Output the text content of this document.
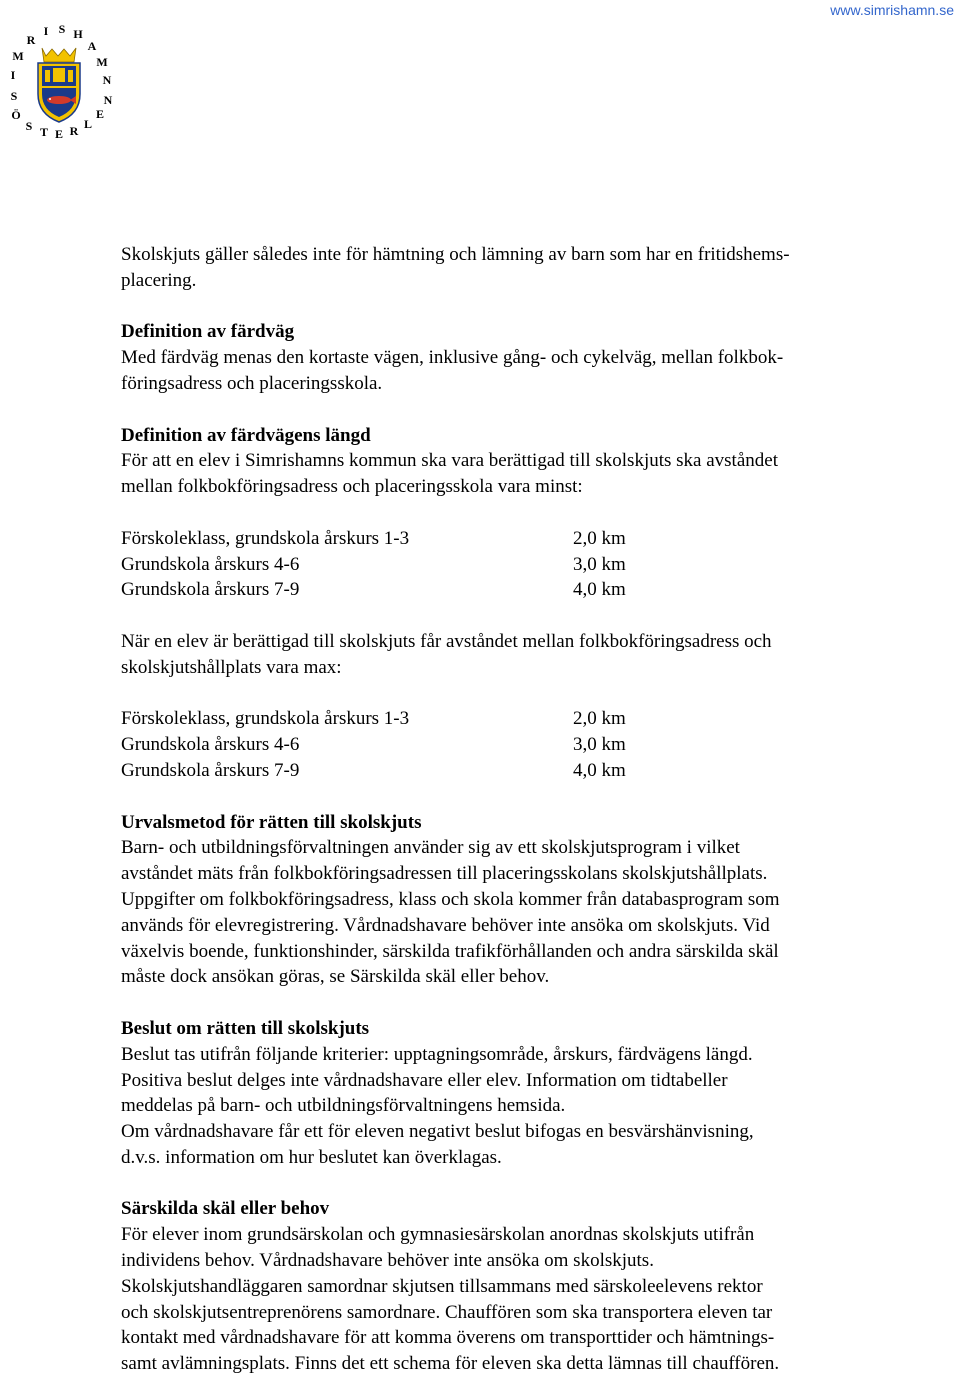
www.simrishamn.se
S
I
M
R
I S H
A
M
N
Ö
S T E R L
E
N

Skolskjuts gäller således inte för hämtning och lämning av barn som har en fritidshems-

placering.

Definition av färdväg

Med färdväg menas den kortaste vägen, inklusive gång- och cykelväg, mellan folkbok-

föringsadress och placeringsskola.

Definition av färdvägens längd

För att en elev i Simrishamns kommun ska vara berättigad till skolskjuts ska avståndet

mellan folkbokföringsadress och placeringsskola vara minst:

Förskoleklass, grundskola årskurs 1-3	2,0 km
Grundskola årskurs 4-6	3,0 km
Grundskola årskurs 7-9	4,0 km

När en elev är berättigad till skolskjuts får avståndet mellan folkbokföringsadress och

skolskjutshållplats vara max:

Förskoleklass, grundskola årskurs 1-3	2,0 km
Grundskola årskurs 4-6	3,0 km
Grundskola årskurs 7-9	4,0 km

Urvalsmetod för rätten till skolskjuts

Barn- och utbildningsförvaltningen använder sig av ett skolskjutsprogram i vilket

avståndet mäts från folkbokföringsadressen till placeringsskolans skolskjutshållplats.

Uppgifter om folkbokföringsadress, klass och skola kommer från databasprogram som

används för elevregistrering. Vårdnadshavare behöver inte ansöka om skolskjuts. Vid

växelvis boende, funktionshinder, särskilda trafikförhållanden och andra särskilda skäl

måste dock ansökan göras, se Särskilda skäl eller behov.

Beslut om rätten till skolskjuts

Beslut tas utifrån följande kriterier: upptagningsområde, årskurs, färdvägens längd.

Positiva beslut delges inte vårdnadshavare eller elev. Information om tidtabeller

meddelas på barn- och utbildningsförvaltningens hemsida.

Om vårdnadshavare får ett för eleven negativt beslut bifogas en besvärshänvisning,

d.v.s. information om hur beslutet kan överklagas.

Särskilda skäl eller behov

För elever inom grundsärskolan och gymnasiesärskolan anordnas skolskjuts utifrån

individens behov. Vårdnadshavare behöver inte ansöka om skolskjuts.

Skolskjutshandläggaren samordnar skjutsen tillsammans med särskoleelevens rektor

och skolskjutsentreprenörens samordnare. Chauffören som ska transportera eleven tar

kontakt med vårdnadshavare för att komma överens om transporttider och hämtnings-

samt avlämningsplats. Finns det ett schema för eleven ska detta lämnas till chauffören.
